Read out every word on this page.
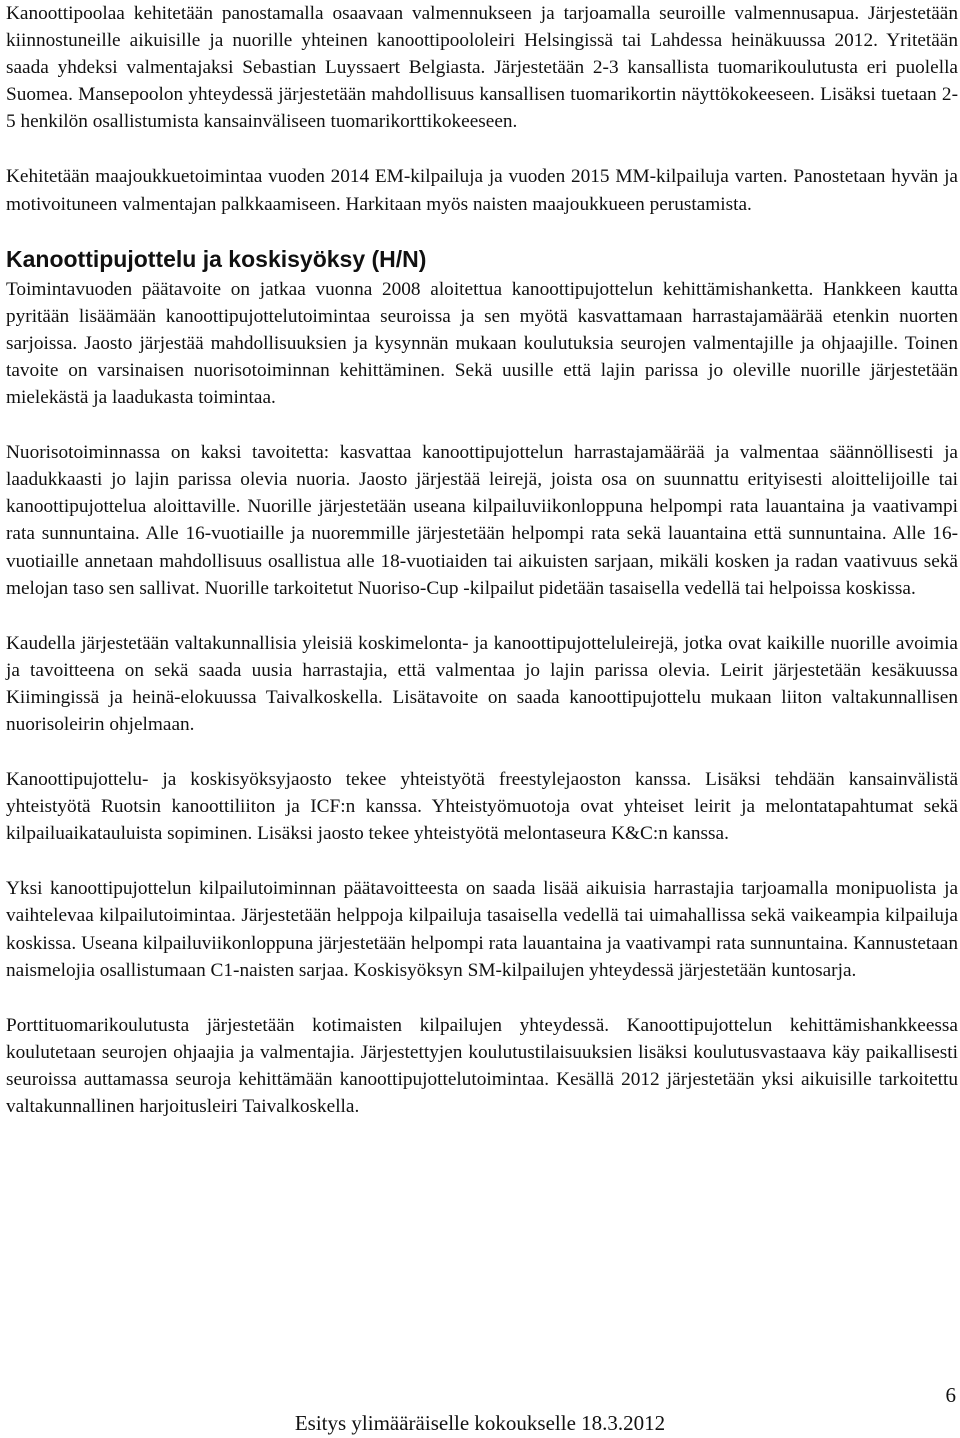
Kanoottipoolaa kehitetään panostamalla osaavaan valmennukseen ja tarjoamalla seuroille valmennusapua. Järjestetään kiinnostuneille aikuisille ja nuorille yhteinen kanoottipoololeiri Helsingissä tai Lahdessa heinäkuussa 2012. Yritetään saada yhdeksi valmentajaksi Sebastian Luyssaert Belgiasta. Järjestetään 2-3 kansallista tuomarikoulutusta eri puolella Suomea. Mansepoolon yhteydessä järjestetään mahdollisuus kansallisen tuomarikortin näyttökokeeseen. Lisäksi tuetaan 2-5 henkilön osallistumista kansainväliseen tuomarikorttikokeeseen.

Kehitetään maajoukkuetoimintaa vuoden 2014 EM-kilpailuja ja vuoden 2015 MM-kilpailuja varten. Panostetaan hyvän ja motivoituneen valmentajan palkkaamiseen. Harkitaan myös naisten maajoukkueen perustamista.

Kanoottipujottelu ja koskisyöksy (H/N)

Toimintavuoden päätavoite on jatkaa vuonna 2008 aloitettua kanoottipujottelun kehittämishanketta. Hankkeen kautta pyritään lisäämään kanoottipujottelutoimintaa seuroissa ja sen myötä kasvattamaan harrastajamäärää etenkin nuorten sarjoissa. Jaosto järjestää mahdollisuuksien ja kysynnän mukaan koulutuksia seurojen valmentajille ja ohjaajille. Toinen tavoite on varsinaisen nuorisotoiminnan kehittäminen. Sekä uusille että lajin parissa jo oleville nuorille järjestetään mielekästä ja laadukasta toimintaa.

Nuorisotoiminnassa on kaksi tavoitetta: kasvattaa kanoottipujottelun harrastajamäärää ja valmentaa säännöllisesti ja laadukkaasti jo lajin parissa olevia nuoria. Jaosto järjestää leirejä, joista osa on suunnattu erityisesti aloittelijoille tai kanoottipujottelua aloittaville. Nuorille järjestetään useana kilpailuviikonloppuna helpompi rata lauantaina ja vaativampi rata sunnuntaina. Alle 16-vuotiaille ja nuoremmille järjestetään helpompi rata sekä lauantaina että sunnuntaina. Alle 16-vuotiaille annetaan mahdollisuus osallistua alle 18-vuotiaiden tai aikuisten sarjaan, mikäli kosken ja radan vaativuus sekä melojan taso sen sallivat. Nuorille tarkoitetut Nuoriso-Cup -kilpailut pidetään tasaisella vedellä tai helpoissa koskissa.

Kaudella järjestetään valtakunnallisia yleisiä koskimelonta- ja kanoottipujotteluleirejä, jotka ovat kaikille nuorille avoimia ja tavoitteena on sekä saada uusia harrastajia, että valmentaa jo lajin parissa olevia. Leirit järjestetään kesäkuussa Kiimingissä ja heinä-elokuussa Taivalkoskella. Lisätavoite on saada kanoottipujottelu mukaan liiton valtakunnallisen nuorisoleirin ohjelmaan.

Kanoottipujottelu- ja koskisyöksyjaosto tekee yhteistyötä freestylejaoston kanssa. Lisäksi tehdään kansainvälistä yhteistyötä Ruotsin kanoottiliiton ja ICF:n kanssa. Yhteistyömuotoja ovat yhteiset leirit ja melontatapahtumat sekä kilpailuaikatauluista sopiminen. Lisäksi jaosto tekee yhteistyötä melontaseura K&C:n kanssa.

Yksi kanoottipujottelun kilpailutoiminnan päätavoitteesta on saada lisää aikuisia harrastajia tarjoamalla monipuolista ja vaihtelevaa kilpailutoimintaa. Järjestetään helppoja kilpailuja tasaisella vedellä tai uimahallissa sekä vaikeampia kilpailuja koskissa. Useana kilpailuviikonloppuna järjestetään helpompi rata lauantaina ja vaativampi rata sunnuntaina. Kannustetaan naismelojia osallistumaan C1-naisten sarjaa. Koskisyöksyn SM-kilpailujen yhteydessä järjestetään kuntosarja.

Porttituomarikoulutusta järjestetään kotimaisten kilpailujen yhteydessä. Kanoottipujottelun kehittämishankkeessa koulutetaan seurojen ohjaajia ja valmentajia. Järjestettyjen koulutustilaisuuksien lisäksi koulutusvastaava käy paikallisesti seuroissa auttamassa seuroja kehittämään kanoottipujottelutoimintaa. Kesällä 2012 järjestetään yksi aikuisille tarkoitettu valtakunnallinen harjoitusleiri Taivalkoskella.

6
Esitys ylimääräiselle kokoukselle 18.3.2012
